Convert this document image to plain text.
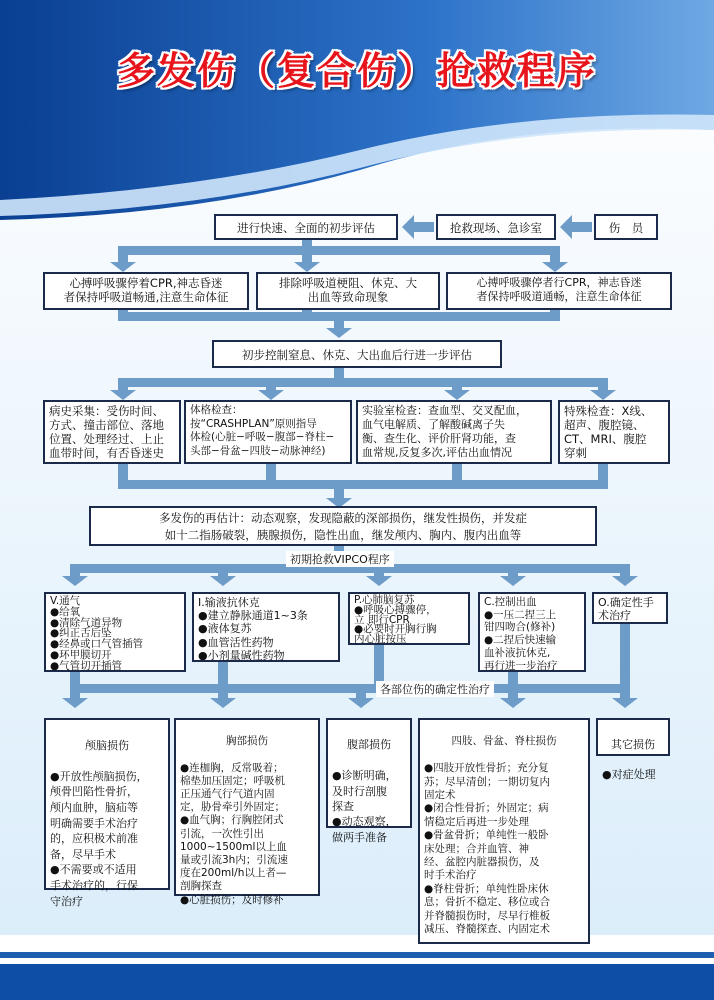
多发伤（复合伤）抢救程序
进行快速、全面的初步评估	抢救现场、急诊室	伤　员
心搏呼吸骤停着CPR,神志昏迷
者保持呼吸道畅通,注意生命体征
排除呼吸道梗阻、休克、大
出血等致命现象
心搏呼吸骤停者行CPR，神志昏迷
者保持呼吸道通畅，注意生命体征
初步控制窒息、休克、大出血后行进一步评估
病史采集：受伤时间、
方式、撞击部位、落地
位置、处理经过、上止
血带时间，有否昏迷史
体格检查：
按“CRASHPLAN”原则指导
体检(心脏−呼吸−腹部−脊柱−
头部−骨盆−四肢−动脉神经)
实验室检查：查血型、交叉配血，
血气电解质、了解酸碱离子失
衡、查生化、评价肝肾功能，查
血常规,反复多次,评估出血情况
特殊检查：X线、
超声、腹腔镜、
CT、MRI、腹腔
穿刺
多发伤的再估计：动态观察，发现隐蔽的深部损伤，继发性损伤，并发症
如十二指肠破裂，胰腺损伤，隐性出血，继发颅内、胸内、腹内出血等
初期抢救VIPCO程序
V.通气
●给氧
●清除气道异物
●纠正舌后坠
●经鼻或口气管插管
●环甲膜切开
●气管切开插管
I.输液抗休克
●建立静脉通道1~3条
●液体复苏
●血管活性药物
●小剂量碱性药物
P.心肺脑复苏
●呼吸心搏骤停，
立 即行CPR
●必要时开胸行胸
内心脏按压
C.控制出血
●一压二捏三上
钳四吻合(修补)
●二捏后快速输
血补液抗休克,
再行进一步治疗
O.确定性手
术治疗
各部位伤的确定性治疗

颅脑损伤

●开放性颅脑损伤，
颅骨凹陷性骨折，
颅内血肿，脑疝等
明确需要手术治疗
的，应积极术前准
备，尽早手术
●不需要或不适用
手术治疗的，行保
守治疗

胸部损伤

●连枷胸，反常吸着；
棉垫加压固定；呼吸机
正压通气行气道内固
定，胁骨牵引外固定；
●血气胸；行胸腔闭式
引流，一次性引出
1000~1500ml以上血
量或引流3h内；引流速
度在200ml/h以上者—
剖胸探查
●心脏损伤；及时修补

腹部损伤

●诊断明确，
及时行剖腹
探查
●动态观察，
做两手准备

四肢、骨盆、脊柱损伤

●四肢开放性骨折；充分复
苏；尽早清创；一期切复内
固定术
●闭合性骨折；外固定；病
情稳定后再进一步处理
●骨盆骨折；单纯性一般卧
床处理；合并血管、神
经、盆腔内脏器损伤，及
时手术治疗
●脊柱骨折；单纯性卧床休
息；骨折不稳定、移位或合
并脊髓损伤时，尽早行椎板
减压、脊髓探查、内固定术

其它损伤

●对症处理
